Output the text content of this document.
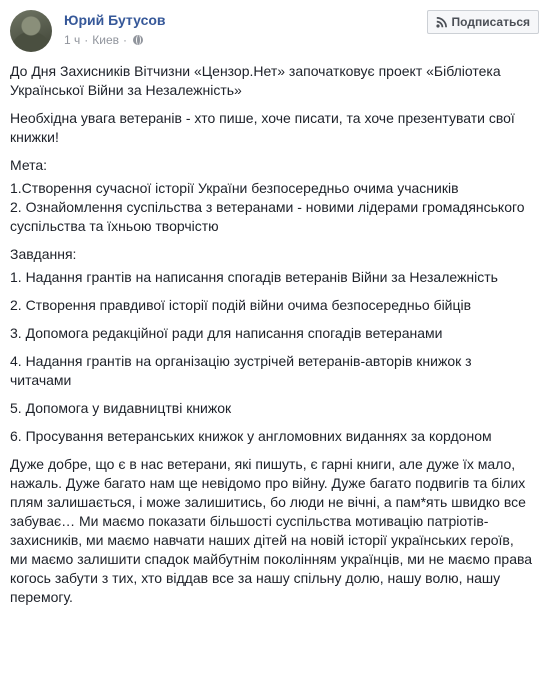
Юрий Бутусов
1 ч · Киев ·
Подписаться

До Дня Захисників Вітчизни «Цензор.Нет» започатковує проект «Бібліотека Української Війни за Незалежність»

Необхідна увага ветеранів - хто пише, хоче писати, та хоче презентувати свої книжки!

Мета:

1.Створення сучасної історії України безпосередньо очима учасників
2. Ознайомлення суспільства з ветеранами - новими лідерами громадянського суспільства та їхньою творчістю

Завдання:

1. Надання грантів на написання спогадів ветеранів Війни за Незалежність

2. Створення правдивої історії подій війни очима безпосередньо бійців

3. Допомога редакційної ради для написання спогадів ветеранами

4. Надання грантів на організацію зустрічей ветеранів-авторів книжок з читачами

5. Допомога у видавництві книжок

6. Просування ветеранських книжок у англомовних виданнях за кордоном

Дуже добре, що є в нас ветерани, які пишуть, є гарні книги, але дуже їх мало, нажаль. Дуже багато нам ще невідомо про війну. Дуже багато подвигів та білих плям залишається, і може залишитись, бо люди не вічні, а пам*ять швидко все забуває… Ми маємо показати більшості суспільства мотивацію патріотів-захисників, ми маємо навчати наших дітей на новій історії українських героїв, ми маємо залишити спадок майбутнім поколінням українців, ми не маємо права когось забути з тих, хто віддав все за нашу спільну долю, нашу волю, нашу перемогу.
